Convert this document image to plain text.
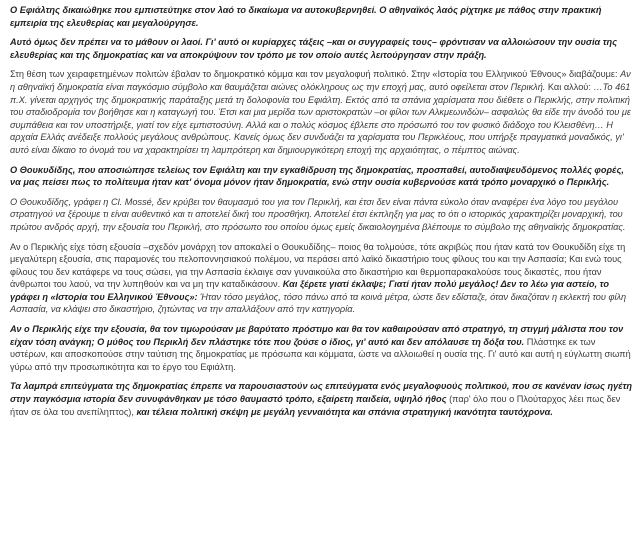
Ο Εφιάλτης δικαιώθηκε που εμπιστεύτηκε στον λαό το δικαίωμα να αυτοκυβερνηθεί. Ο αθηναϊκός λαός ρίχτηκε με πάθος στην πρακτική εμπειρία της ελευθερίας και μεγαλούργησε.

Αυτό όμως δεν πρέπει να το μάθουν οι λαοί. Γι' αυτό οι κυρίαρχες τάξεις –και οι συγγραφείς τους– φρόντισαν να αλλοιώσουν την ουσία της ελευθερίας και της δημοκρατίας και να αποκρύψουν τον τρόπο με τον οποίο αυτές λειτούργησαν στην πράξη.

Στη θέση των χειραφετημένων πολιτών έβαλαν το δημοκρατικό κόμμα και τον μεγαλοφυή πολιτικό. Στην «Ιστορία του Ελληνικού Έθνους» διαβάζουμε: Αν η αθηναϊκή δημοκρατία είναι παγκόσμιο σύμβολο και θαυμάζεται αιώνες ολόκληρους ως την εποχή μας, αυτό οφείλεται στον Περικλή. Και αλλού: …Το 461 π.Χ. γίνεται αρχηγός της δημοκρατικής παράταξης μετά τη δολοφονία του Εφιάλτη. Εκτός από τα σπάνια χαρίσματα που διέθετε ο Περικλής, στην πολιτική του σταδιοδρομία τον βοήθησε και η καταγωγή του. Έτσι και μια μερίδα των αριστοκρατών –οι φίλοι των Αλκμεωνιδών– ασφαλώς θα είδε την άνοδό του με συμπάθεια και τον υποστήριξε, γιατί τον είχε εμπιστοσύνη. Αλλά και ο πολύς κόσμος έβλεπε στο πρόσωπό του τον φυσικό διάδοχο του Κλεισθένη… Η αρχαία Ελλάς ανέδειξε πολλούς μεγάλους ανθρώπους. Κανείς όμως δεν συνδυάζει τα χαρίσματα του Περικλέους, που υπήρξε πραγματικά μοναδικός, γι' αυτό είναι δίκαιο το όνομά του να χαρακτηρίσει τη λαμπρότερη και δημιουργικότερη εποχή της αρχαιότητας, ο πέμπτος αιώνας.

Ο Θουκυδίδης, που αποσιώπησε τελείως τον Εφιάλτη και την εγκαθίδρυση της δημοκρατίας, προσπαθεί, αυτοδιαψευδόμενος πολλές φορές, να μας πείσει πως το πολίτευμα ήταν κατ' όνομα μόνον ήταν δημοκρατία, ενώ στην ουσία κυβερνούσε κατά τρόπο μοναρχικό ο Περικλής.

Ο Θουκυδίδης, γράφει η Cl. Mossé, δεν κρύβει τον θαυμασμό του για τον Περικλή, και έτσι δεν είναι πάντα εύκολο όταν αναφέρει ένα λόγο του μεγάλου στρατηγού να ξέρουμε τι είναι αυθεντικό και τι αποτελεί δική του προσθήκη. Αποτελεί έτσι έκπληξη για μας το ότι ο ιστορικός χαρακτηρίζει μοναρχική, του πρώτου ανδρός αρχή, την εξουσία του Περικλή, στο πρόσωπο του οποίου όμως εμείς δικαιολογημένα βλέπουμε το σύμβολο της αθηναϊκής δημοκρατίας.

Αν ο Περικλής είχε τόση εξουσία –σχεδόν μονάρχη τον αποκαλεί ο Θουκυδίδης– ποιος θα τολμούσε, τότε ακριβώς που ήταν κατά τον Θουκυδίδη είχε τη μεγαλύτερη εξουσία, στις παραμονές του πελοποννησιακού πολέμου, να περάσει από λαϊκό δικαστήριο τους φίλους του και την Ασπασία; Και ενώ τους φίλους του δεν κατάφερε να τους σώσει, για την Ασπασία έκλαιγε σαν γυναικούλα στο δικαστήριο και θερμοπαρακαλούσε τους δικαστές, που ήταν άνθρωποι του λαού, να την λυπηθούν και να μη την καταδικάσουν. Και ξέρετε γιατί έκλαψε; Γιατί ήταν πολύ μεγάλος! Δεν το λέω για αστείο, το γράφει η «Ιστορία του Ελληνικού Έθνους»: Ήταν τόσο μεγάλος, τόσο πάνω από τα κοινά μέτρα, ώστε δεν εδίσταζε, όταν δικαζόταν η εκλεκτή του φίλη Ασπασία, να κλάψει στο δικαστήριο, ζητώντας να την απαλλάξουν από την κατηγορία.

Αν ο Περικλής είχε την εξουσία, θα τον τιμωρούσαν με βαρύτατο πρόστιμο και θα τον καθαιρούσαν από στρατηγό, τη στιγμή μάλιστα που τον είχαν τόση ανάγκη; Ο μύθος του Περικλή δεν πλάστηκε τότε που ζούσε ο ίδιος, γι' αυτό και δεν απόλαυσε τη δόξα του. Πλάστηκε εκ των υστέρων, και αποσκοπούσε στην ταύτιση της δημοκρατίας με πρόσωπα και κόμματα, ώστε να αλλοιωθεί η ουσία της. Γι' αυτό και αυτή η εύγλωττη σιωπή γύρω από την προσωπικότητα και το έργο του Εφιάλτη.

Τα λαμπρά επιτεύγματα της δημοκρατίας έπρεπε να παρουσιαστούν ως επιτεύγματα ενός μεγαλοφυούς πολιτικού, που σε κανέναν ίσως ηγέτη στην παγκόσμια ιστορία δεν συνυφάνθηκαν με τόσο θαυμαστό τρόπο, εξαίρετη παιδεία, υψηλό ήθος (παρ' όλο που ο Πλούταρχος λέει πως δεν ήταν σε όλα του ανεπίληπτος), και τέλεια πολιτική σκέψη με μεγάλη γενναιότητα και σπάνια στρατηγική ικανότητα ταυτόχρονα.
